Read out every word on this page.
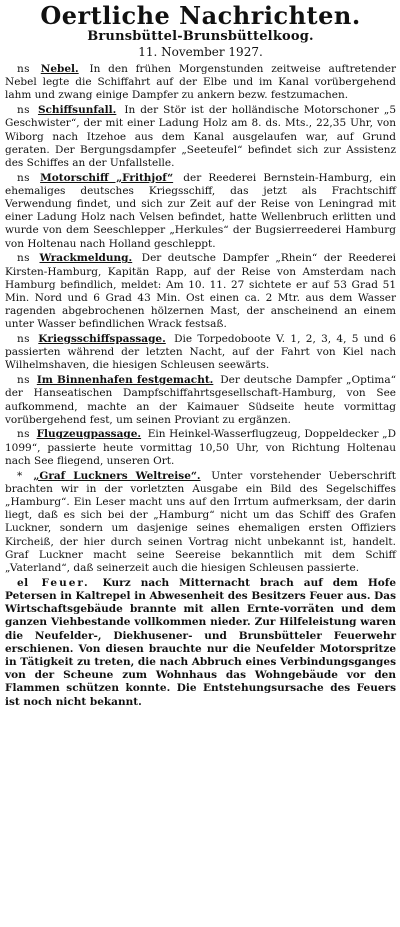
Oertliche Nachrichten.
Brunsbüttel-Brunsbüttelkoog.
11. November 1927.

ns Nebel. In den frühen Morgenstunden zeitweise auftretender Nebel legte die Schiffahrt auf der Elbe und im Kanal vorübergehend lahm und zwang einige Dampfer zu ankern bezw. festzumachen.

ns Schiffsunfall. In der Stör ist der holländische Motorschoner „5 Geschwister“, der mit einer Ladung Holz am 8. ds. Mts., 22,35 Uhr, von Wiborg nach Itzehoe aus dem Kanal ausgelaufen war, auf Grund geraten. Der Bergungsdampfer „Seeteufel“ befindet sich zur Assistenz des Schiffes an der Unfallstelle.

ns Motorschiff „Frithjof“ der Reederei Bernstein-Hamburg, ein ehemaliges deutsches Kriegsschiff, das jetzt als Frachtschiff Verwendung findet, und sich zur Zeit auf der Reise von Leningrad mit einer Ladung Holz nach Velsen befindet, hatte Wellenbruch erlitten und wurde von dem Seeschlepper „Herkules“ der Bugsierreederei Hamburg von Holtenau nach Holland geschleppt.

ns Wrackmeldung. Der deutsche Dampfer „Rhein“ der Reederei Kirsten-Hamburg, Kapitän Rapp, auf der Reise von Amsterdam nach Hamburg befindlich, meldet: Am 10. 11. 27 sichtete er auf 53 Grad 51 Min. Nord und 6 Grad 43 Min. Ost einen ca. 2 Mtr. aus dem Wasser ragenden abgebrochenen hölzernen Mast, der anscheinend an einem unter Wasser befindlichen Wrack festsaß.

ns Kriegsschiffspassage. Die Torpedoboote V. 1, 2, 3, 4, 5 und 6 passierten während der letzten Nacht, auf der Fahrt von Kiel nach Wilhelmshaven, die hiesigen Schleusen seewärts.

ns Im Binnenhafen festgemacht. Der deutsche Dampfer „Optima“ der Hanseatischen Dampfschiffahrtsgesellschaft-Hamburg, von See aufkommend, machte an der Kaimauer Südseite heute vormittag vorübergehend fest, um seinen Proviant zu ergänzen.

ns Flugzeugpassage. Ein Heinkel-Wasserflugzeug, Doppeldecker „D 1099“, passierte heute vormittag 10,50 Uhr, von Richtung Holtenau nach See fliegend, unseren Ort.

* „Graf Luckners Weltreise“. Unter vorstehender Ueberschrift brachten wir in der vorletzten Ausgabe ein Bild des Segelschiffes „Hamburg“. Ein Leser macht uns auf den Irrtum aufmerksam, der darin liegt, daß es sich bei der „Hamburg“ nicht um das Schiff des Grafen Luckner, sondern um dasjenige seines ehemaligen ersten Offiziers Kircheiß, der hier durch seinen Vortrag nicht unbekannt ist, handelt. Graf Luckner macht seine Seereise bekanntlich mit dem Schiff „Vaterland“, daß seinerzeit auch die hiesigen Schleusen passierte.

el Feuer. Kurz nach Mitternacht brach auf dem Hofe Petersen in Kaltrepel in Abwesenheit des Besitzers Feuer aus. Das Wirtschaftsgebäude brannte mit allen Ernte-vorräten und dem ganzen Viehbestande vollkommen nieder. Zur Hilfeleistung waren die Neufelder-, Diekhusener- und Brunsbütteler Feuerwehr erschienen. Von diesen brauchte nur die Neufelder Motorspritze in Tätigkeit zu treten, die nach Abbruch eines Verbindungsganges von der Scheune zum Wohnhaus das Wohngebäude vor den Flammen schützen konnte. Die Entstehungsursache des Feuers ist noch nicht bekannt.
